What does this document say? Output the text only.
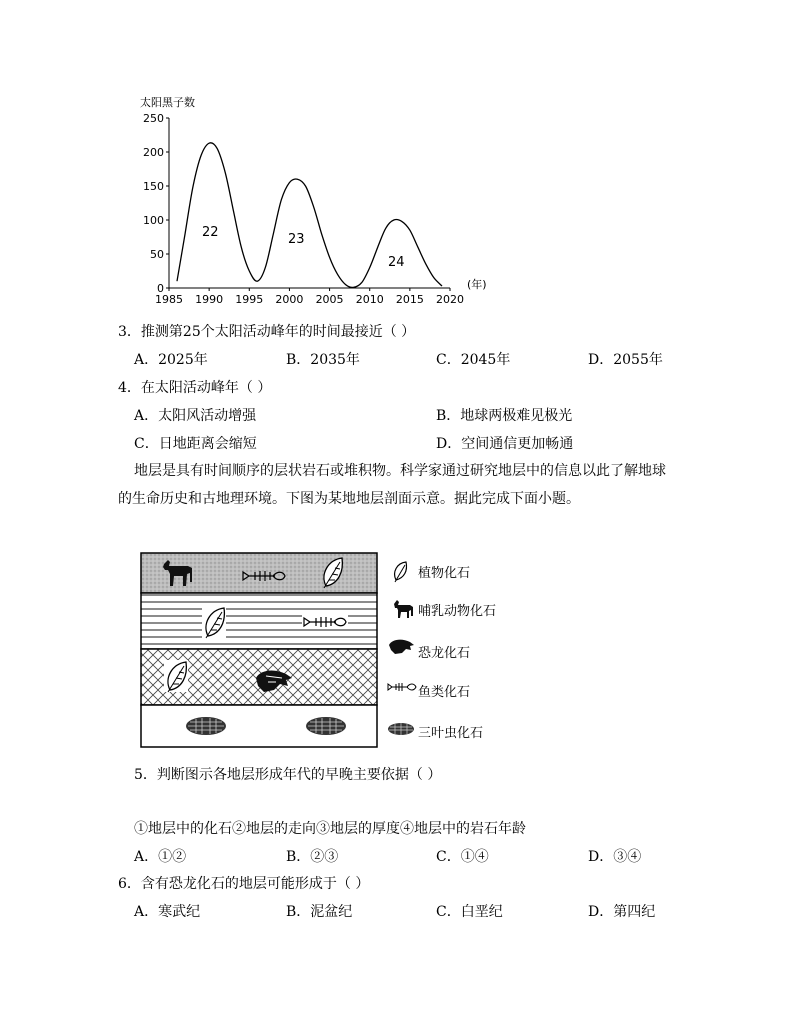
太阳黑子数
0
50
100
150
200
250
1985 1990 1995 2000 2005 2010 2015 2020
22	23
24
(年)
3．推测第25个太阳活动峰年的时间最接近（ ）
A．2025年	B．2035年	C．2045年	D．2055年
4．在太阳活动峰年（ ）
A．太阳风活动增强	B．地球两极难见极光
C．日地距离会缩短	D．空间通信更加畅通
地层是具有时间顺序的层状岩石或堆积物。科学家通过研究地层中的信息以此了解地球
的生命历史和古地理环境。下图为某地地层剖面示意。据此完成下面小题。
植物化石
哺乳动物化石
恐龙化石
鱼类化石
三叶虫化石
5．判断图示各地层形成年代的早晚主要依据（ ）
①地层中的化石②地层的走向③地层的厚度④地层中的岩石年龄
A．①②	B．②③	C．①④	D．③④
6．含有恐龙化石的地层可能形成于（ ）
A．寒武纪	B．泥盆纪	C．白垩纪	D．第四纪
